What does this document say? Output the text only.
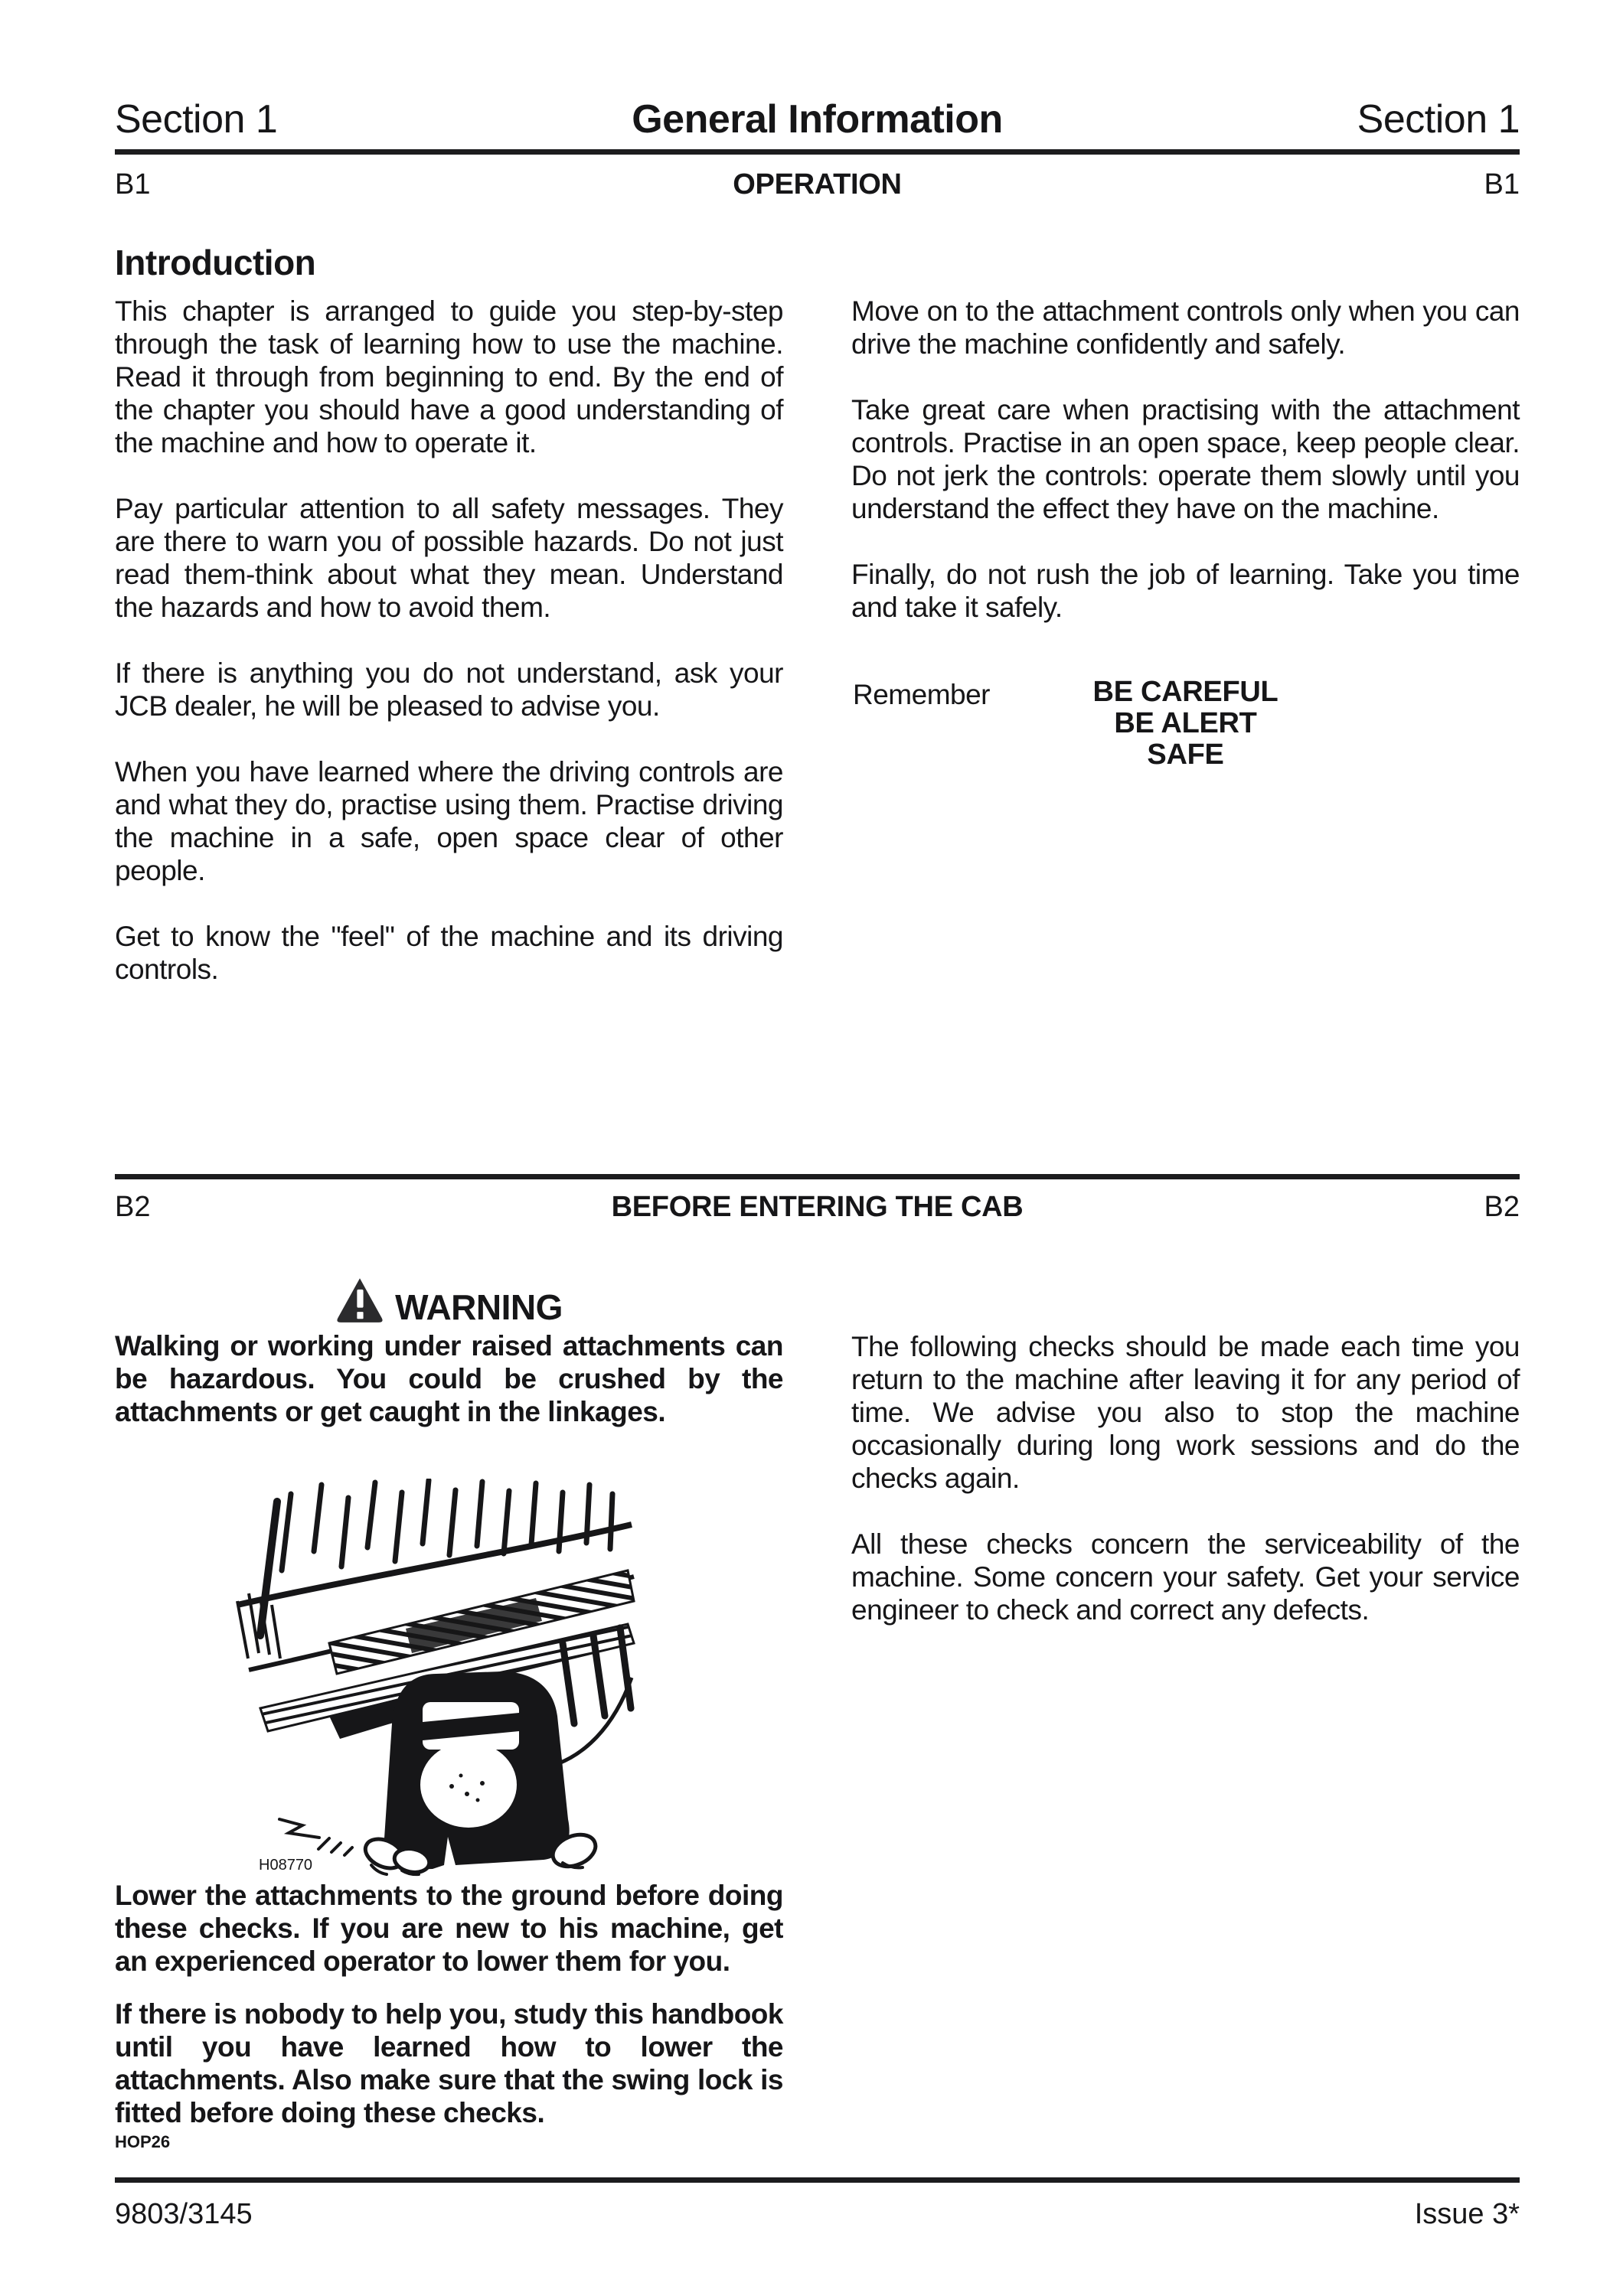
Section 1	General Information	Section 1
B1	OPERATION	B1
Introduction

This chapter is arranged to guide you step-by-step through the task of learning how to use the machine. Read it through from beginning to end. By the end of the chapter you should have a good understanding of the machine and how to operate it.

Pay particular attention to all safety messages. They are there to warn you of possible hazards. Do not just read them-think about what they mean. Understand the hazards and how to avoid them.

If there is anything you do not understand, ask your JCB dealer, he will be pleased to advise you.

When you have learned where the driving controls are and what they do, practise using them. Practise driving the machine in a safe, open space clear of other people.

Get to know the "feel" of the machine and its driving controls.

Move on to the attachment controls only when you can drive the machine confidently and safely.

Take great care when practising with the attachment controls. Practise in an open space, keep people clear. Do not jerk the controls: operate them slowly until you understand the effect they have on the machine.

Finally, do not rush the job of learning. Take you time and take it safely.

Remember	BE CAREFUL
BE ALERT
SAFE
B2	BEFORE ENTERING THE CAB	B2
WARNING

Walking or working under raised attachments can be hazardous. You could be crushed by the attachments or get caught in the linkages.

The following checks should be made each time you return to the machine after leaving it for any period of time. We advise you also to stop the machine occasionally during long work sessions and do the checks again.

All these checks concern the serviceability of the machine. Some concern your safety. Get your service engineer to check and correct any defects.

H08770

Lower the attachments to the ground before doing these checks. If you are new to his machine, get an experienced operator to lower them for you.

If there is nobody to help you, study this handbook until you have learned how to lower the attachments. Also make sure that the swing lock is fitted before doing these checks.

HOP26
9803/3145	Issue 3*
